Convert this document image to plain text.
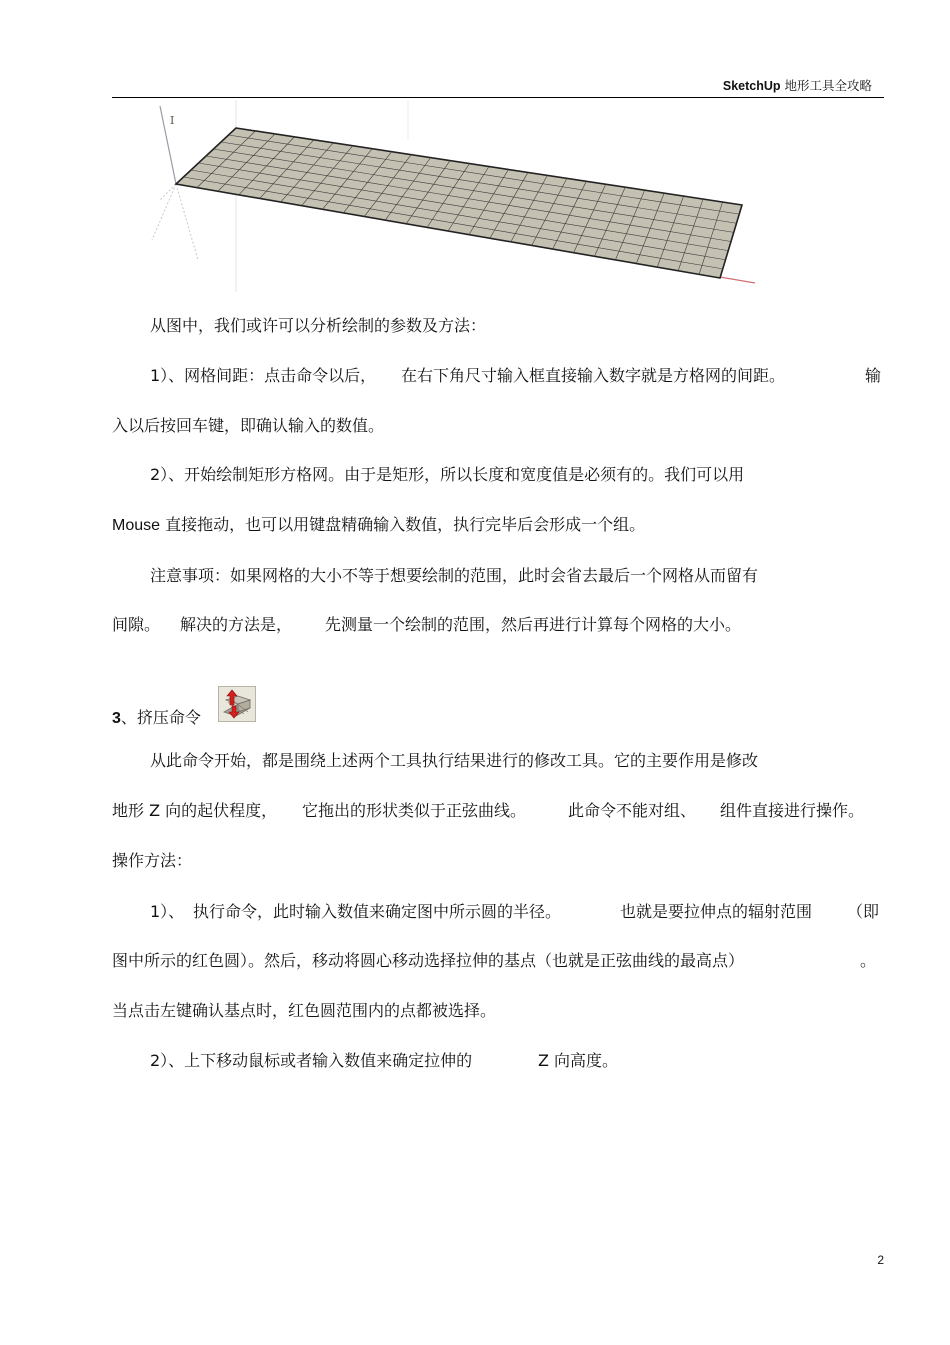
SketchUp 地形工具全攻略
I
从图中，我们或许可以分析绘制的参数及方法：
1）、网格间距：点击命令以后， 在右下角尺寸输入框直接输入数字就是方格网的间距。	输
入以后按回车键，即确认输入的数值。
2）、开始绘制矩形方格网。由于是矩形，所以长度和宽度值是必须有的。我们可以用
Mouse 直接拖动，也可以用键盘精确输入数值，执行完毕后会形成一个组。
注意事项：如果网格的大小不等于想要绘制的范围，此时会省去最后一个网格从而留有
间隙。 解决的方法是， 先测量一个绘制的范围，然后再进行计算每个网格的大小。
3、挤压命令
从此命令开始，都是围绕上述两个工具执行结果进行的修改工具。它的主要作用是修改
地形 Z 向的起伏程度， 它拖出的形状类似于正弦曲线。	此命令不能对组、 组件直接进行操作。
操作方法：
1）、 执行命令，此时输入数值来确定图中所示圆的半径。	也就是要拉伸点的辐射范围 （即
图中所示的红色圆）。然后，移动将圆心移动选择拉伸的基点（也就是正弦曲线的最高点）	。
当点击左键确认基点时，红色圆范围内的点都被选择。
2）、上下移动鼠标或者输入数值来确定拉伸的	Z 向高度。
2
